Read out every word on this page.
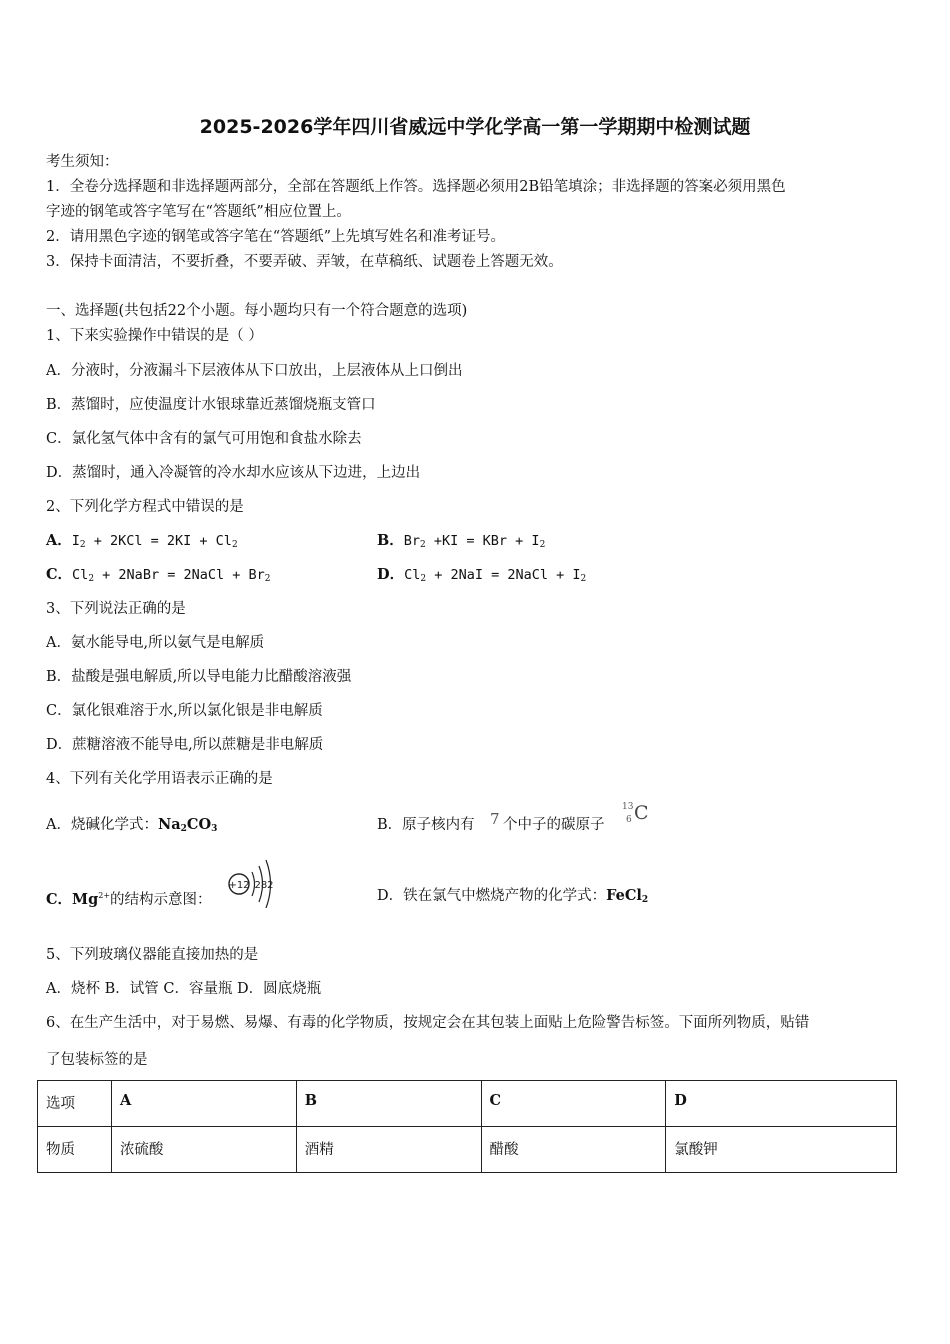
2025-2026学年四川省威远中学化学高一第一学期期中检测试题
考生须知：
1．全卷分选择题和非选择题两部分，全部在答题纸上作答。选择题必须用2B铅笔填涂；非选择题的答案必须用黑色
字迹的钢笔或答字笔写在“答题纸”相应位置上。
2．请用黑色字迹的钢笔或答字笔在“答题纸”上先填写姓名和准考证号。
3．保持卡面清洁，不要折叠，不要弄破、弄皱，在草稿纸、试题卷上答题无效。
一、选择题(共包括22个小题。每小题均只有一个符合题意的选项)
1、下来实验操作中错误的是（ ）
A．分液时，分液漏斗下层液体从下口放出，上层液体从上口倒出
B．蒸馏时，应使温度计水银球靠近蒸馏烧瓶支管口
C．氯化氢气体中含有的氯气可用饱和食盐水除去
D．蒸馏时，通入冷凝管的冷水却水应该从下边进，上边出
2、下列化学方程式中错误的是
A．$I_2 + 2KCl = 2KI + Cl_2$	B．$Br_2 +KI$ = KBr + $I_2$
C．$Cl_2$ + 2NaBr = 2NaCl + $Br_2$	D．$Cl_2 + 2NaI$ = 2NaCl + $I_2$
3、下列说法正确的是
A．氨水能导电,所以氨气是电解质
B．盐酸是强电解质,所以导电能力比醋酸溶液强
C．氯化银难溶于水,所以氯化银是非电解质
D．蔗糖溶液不能导电,所以蔗糖是非电解质
4、下列有关化学用语表示正确的是
A．烧碱化学式：$Na_2CO_3$	B．原子核内有 7 个中子的碳原子
13
6 C
C．$Mg^{2+}$的结构示意图：
+12 282
D．铁在氯气中燃烧产物的化学式：FeCl$_2$
5、下列玻璃仪器能直接加热的是
A．烧杯 B．试管 C．容量瓶 D．圆底烧瓶
6、在生产生活中，对于易燃、易爆、有毒的化学物质，按规定会在其包装上面贴上危险警告标签。下面所列物质，贴错
了包装标签的是
选项	A	B	C	D
物质	浓硫酸	酒精	醋酸	氯酸钾
